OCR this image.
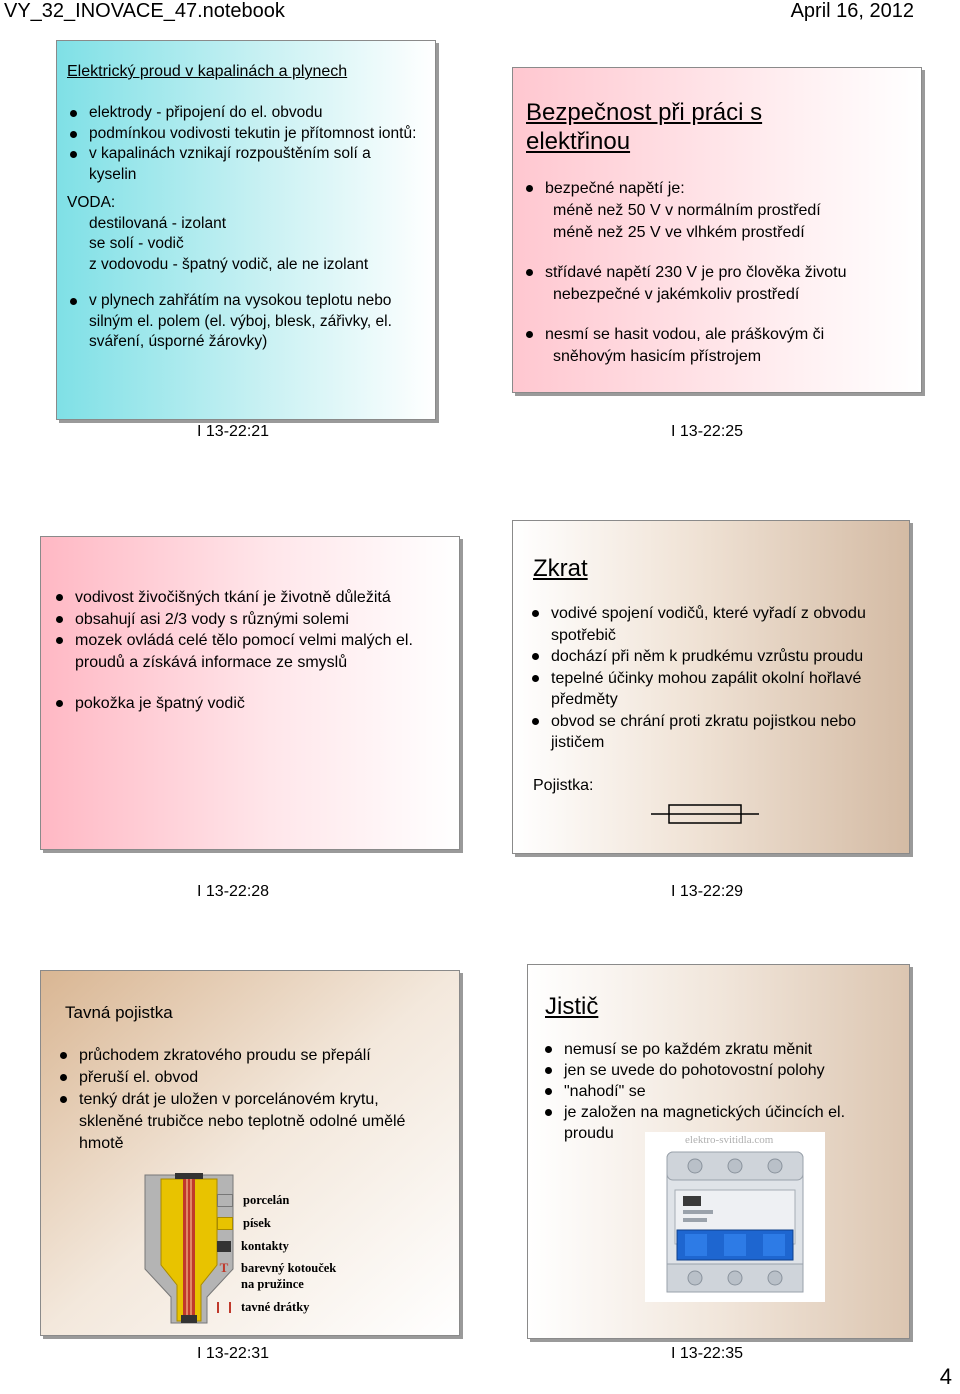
VY_32_INOVACE_47.notebook	April 16, 2012
Elektrický proud v kapalinách a plynech
elektrody - připojení do el. obvodu
podmínkou vodivosti tekutin je přítomnost iontů:
v kapalinách vznikají rozpouštěním solí a kyselin
VODA:
destilovaná - izolant
se solí - vodič
z vodovodu - špatný vodič, ale ne izolant
v plynech zahřátím na vysokou teplotu nebo silným el. polem (el. výboj, blesk, zářivky, el. sváření, úsporné žárovky)
I 13-22:21
Bezpečnost při práci s elektřinou
bezpečné napětí je:
méně než 50 V v normálním prostředí
méně než 25 V ve vlhkém prostředí
střídavé napětí 230 V je pro člověka životu
nebezpečné v jakémkoliv prostředí
nesmí se hasit vodou, ale práškovým či
sněhovým hasicím přístrojem
I 13-22:25
vodivost živočišných tkání je životně důležitá
obsahují asi 2/3 vody s různými solemi
mozek ovládá celé tělo pomocí velmi malých el. proudů a získává informace ze smyslů
pokožka je špatný vodič
I 13-22:28
Zkrat
vodivé spojení vodičů, které vyřadí z obvodu spotřebič
dochází při něm k prudkému vzrůstu proudu
tepelné účinky mohou zapálit okolní hořlavé předměty
obvod se chrání proti zkratu pojistkou nebo jističem
Pojistka:
I 13-22:29
Tavná pojistka
průchodem zkratového proudu se přepálí
přeruší el. obvod
tenký drát je uložen v porcelánovém krytu, skleněné trubičce nebo teplotně odolné umělé hmotě
porcelán
písek
kontakty
T barevný kotouček na pružince
tavné drátky
I 13-22:31
Jistič
nemusí se po každém zkratu měnit
jen se uvede do pohotovostní polohy
"nahodí" se
je založen na magnetických účincích el. proudu	elektro-svitidla.com
I 13-22:35
4
